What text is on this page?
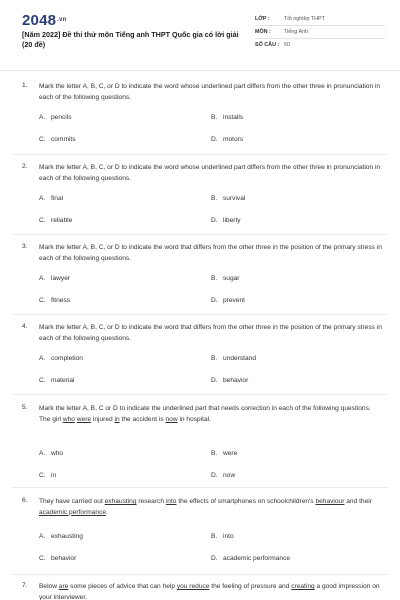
$2048^{.vn}$
[Năm 2022] Đề thi thử môn Tiếng anh THPT Quốc gia có lời giải (20 đề)
LỚP :	Tốt nghiệp THPT
MÔN : Tiếng Anh
SỐ CÂU : 50
1. Mark the letter A, B, C, or D to indicate the word whose underlined part differs from the other three in pronunciation in each of the following questions.
A. pencils	B. installs
C. commits	D. motors
2. Mark the letter A, B, C, or D to indicate the word whose underlined part differs from the other three in pronunciation in each of the following questions.
A. final	B. survival
C. reliable	D. liberty
3. Mark the letter A, B, C, or D to indicate the word that differs from the other three in the position of the primary stress in each of the following questions.
A. lawyer	B. sugar
C. fitness	D. prevent
4. Mark the letter A, B, C, or D to indicate the word that differs from the other three in the position of the primary stress in each of the following questions.
A. completion	B. understand
C. material	D. behavior
5. Mark the letter A, B, C or D to indicate the underlined part that needs correction in each of the following questions.
The girl who were injured in the accident is now in hospital.
A. who	B. were
C. in	D. now
6. They have carried out exhausting research into the effects of smartphones on schoolchildren's behaviour and their academic performance.
A. exhausting	B. into
C. behavior	D. academic performance
7. Below are some pieces of advice that can help you reduce the feeling of pressure and creating a good impression on your interviewer.
